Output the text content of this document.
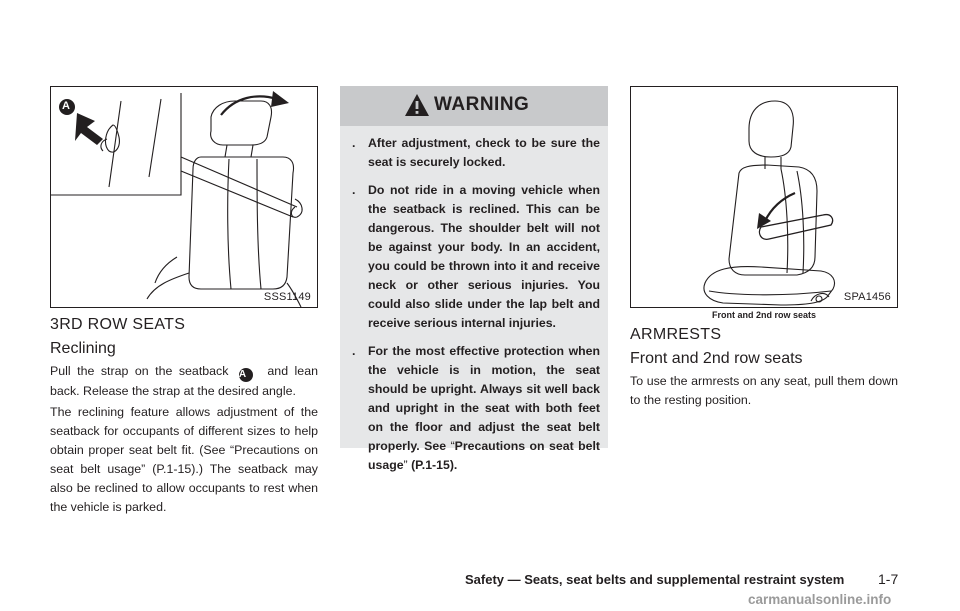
A
SSS1149
3RD ROW SEATS
Reclining
Pull the strap on the seatback A and lean back. Release the strap at the desired angle.
The reclining feature allows adjustment of the seatback for occupants of different sizes to help obtain proper seat belt fit. (See “Precautions on seat belt usage” (P.1-15).) The seatback may also be reclined to allow occupants to rest when the vehicle is parked.
WARNING
. After adjustment, check to be sure the seat is securely locked.
. Do not ride in a moving vehicle when the seatback is reclined. This can be dangerous. The shoulder belt will not be against your body. In an accident, you could be thrown into it and receive neck or other serious injuries. You could also slide under the lap belt and receive serious internal injuries.
. For the most effective protection when the vehicle is in motion, the seat should be upright. Always sit well back and upright in the seat with both feet on the floor and adjust the seat belt properly. See “Precautions on seat belt usage” (P.1-15).
SPA1456
Front and 2nd row seats
ARMRESTS
Front and 2nd row seats
To use the armrests on any seat, pull them down to the resting position.
Safety — Seats, seat belts and supplemental restraint system 1-7
carmanualsonline.info
